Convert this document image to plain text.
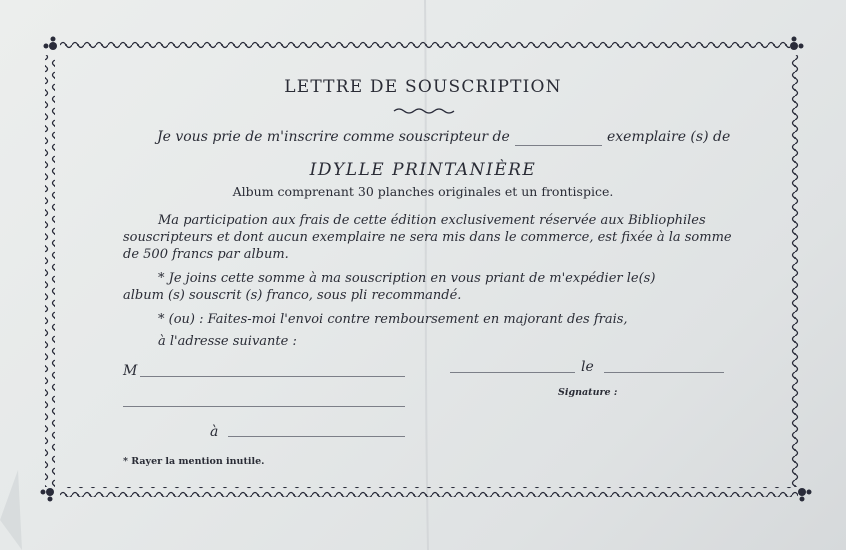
LETTRE DE SOUSCRIPTION
Je vous prie de m'inscrire comme souscripteur de	exemplaire (s) de
IDYLLE PRINTANIÈRE
Album comprenant 30 planches originales et un frontispice.
Ma participation aux frais de cette édition exclusivement réservée aux Bibliophiles
souscripteurs et dont aucun exemplaire ne sera mis dans le commerce, est fixée à la somme
de 500 francs par album.
* Je joins cette somme à ma souscription en vous priant de m'expédier le(s)
album (s) souscrit (s) franco, sous pli recommandé.
* (ou) : Faites-moi l'envoi contre remboursement en majorant des frais,
à l'adresse suivante :
M	le
Signature :
à
* Rayer la mention inutile.
